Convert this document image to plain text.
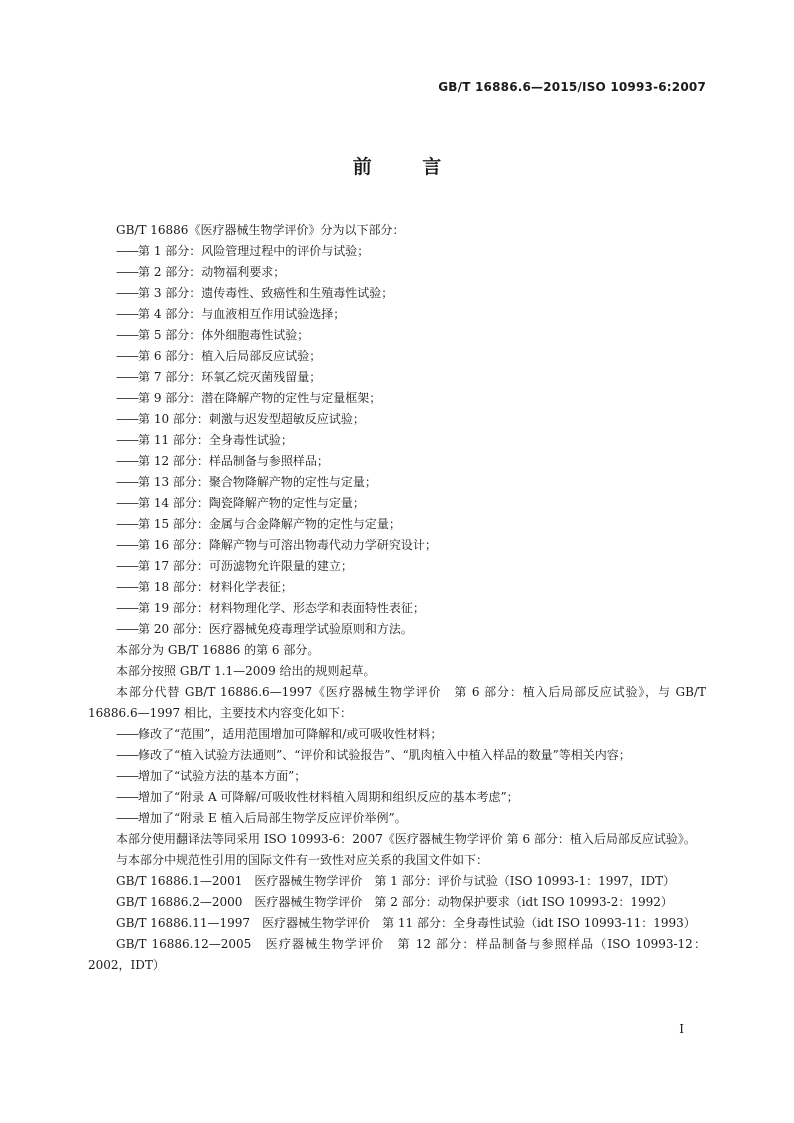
GB/T 16886.6—2015/ISO 10993-6:2007
前 言

GB/T 16886《医疗器械生物学评价》分为以下部分：

—— 第 1 部分：风险管理过程中的评价与试验；

—— 第 2 部分：动物福利要求；

—— 第 3 部分：遗传毒性、致癌性和生殖毒性试验；

—— 第 4 部分：与血液相互作用试验选择；

—— 第 5 部分：体外细胞毒性试验；

—— 第 6 部分：植入后局部反应试验；

—— 第 7 部分：环氧乙烷灭菌残留量；

—— 第 9 部分：潜在降解产物的定性与定量框架；

—— 第 10 部分：刺激与迟发型超敏反应试验；

—— 第 11 部分：全身毒性试验；

—— 第 12 部分：样品制备与参照样品；

—— 第 13 部分：聚合物降解产物的定性与定量；

—— 第 14 部分：陶瓷降解产物的定性与定量；

—— 第 15 部分：金属与合金降解产物的定性与定量；

—— 第 16 部分：降解产物与可溶出物毒代动力学研究设计；

—— 第 17 部分：可沥滤物允许限量的建立；

—— 第 18 部分：材料化学表征；

—— 第 19 部分：材料物理化学、形态学和表面特性表征；

—— 第 20 部分：医疗器械免疫毒理学试验原则和方法。

本部分为 GB/T 16886 的第 6 部分。

本部分按照 GB/T 1.1—2009 给出的规则起草。

本部分代替 GB/T 16886.6—1997《医疗器械生物学评价　第 6 部分：植入后局部反应试验》，与 GB/T 16886.6—1997 相比，主要技术内容变化如下：

—— 修改了“范围”，适用范围增加可降解和/或可吸收性材料；

—— 修改了“植入试验方法通则”、“评价和试验报告”、“肌肉植入中植入样品的数量”等相关内容；

—— 增加了“试验方法的基本方面”；

—— 增加了“附录 A 可降解/可吸收性材料植入周期和组织反应的基本考虑”；

—— 增加了“附录 E 植入后局部生物学反应评价举例”。

本部分使用翻译法等同采用 ISO 10993-6：2007《医疗器械生物学评价 第 6 部分：植入后局部反应试验》。

与本部分中规范性引用的国际文件有一致性对应关系的我国文件如下：

GB/T 16886.1—2001　医疗器械生物学评价　第 1 部分：评价与试验（ISO 10993-1：1997，IDT）

GB/T 16886.2—2000　医疗器械生物学评价　第 2 部分：动物保护要求（idt ISO 10993-2：1992）

GB/T 16886.11—1997　医疗器械生物学评价　第 11 部分：全身毒性试验（idt ISO 10993-11：1993）

GB/T 16886.12—2005　医疗器械生物学评价　第 12 部分：样品制备与参照样品（ISO 10993-12：2002，IDT）

I
